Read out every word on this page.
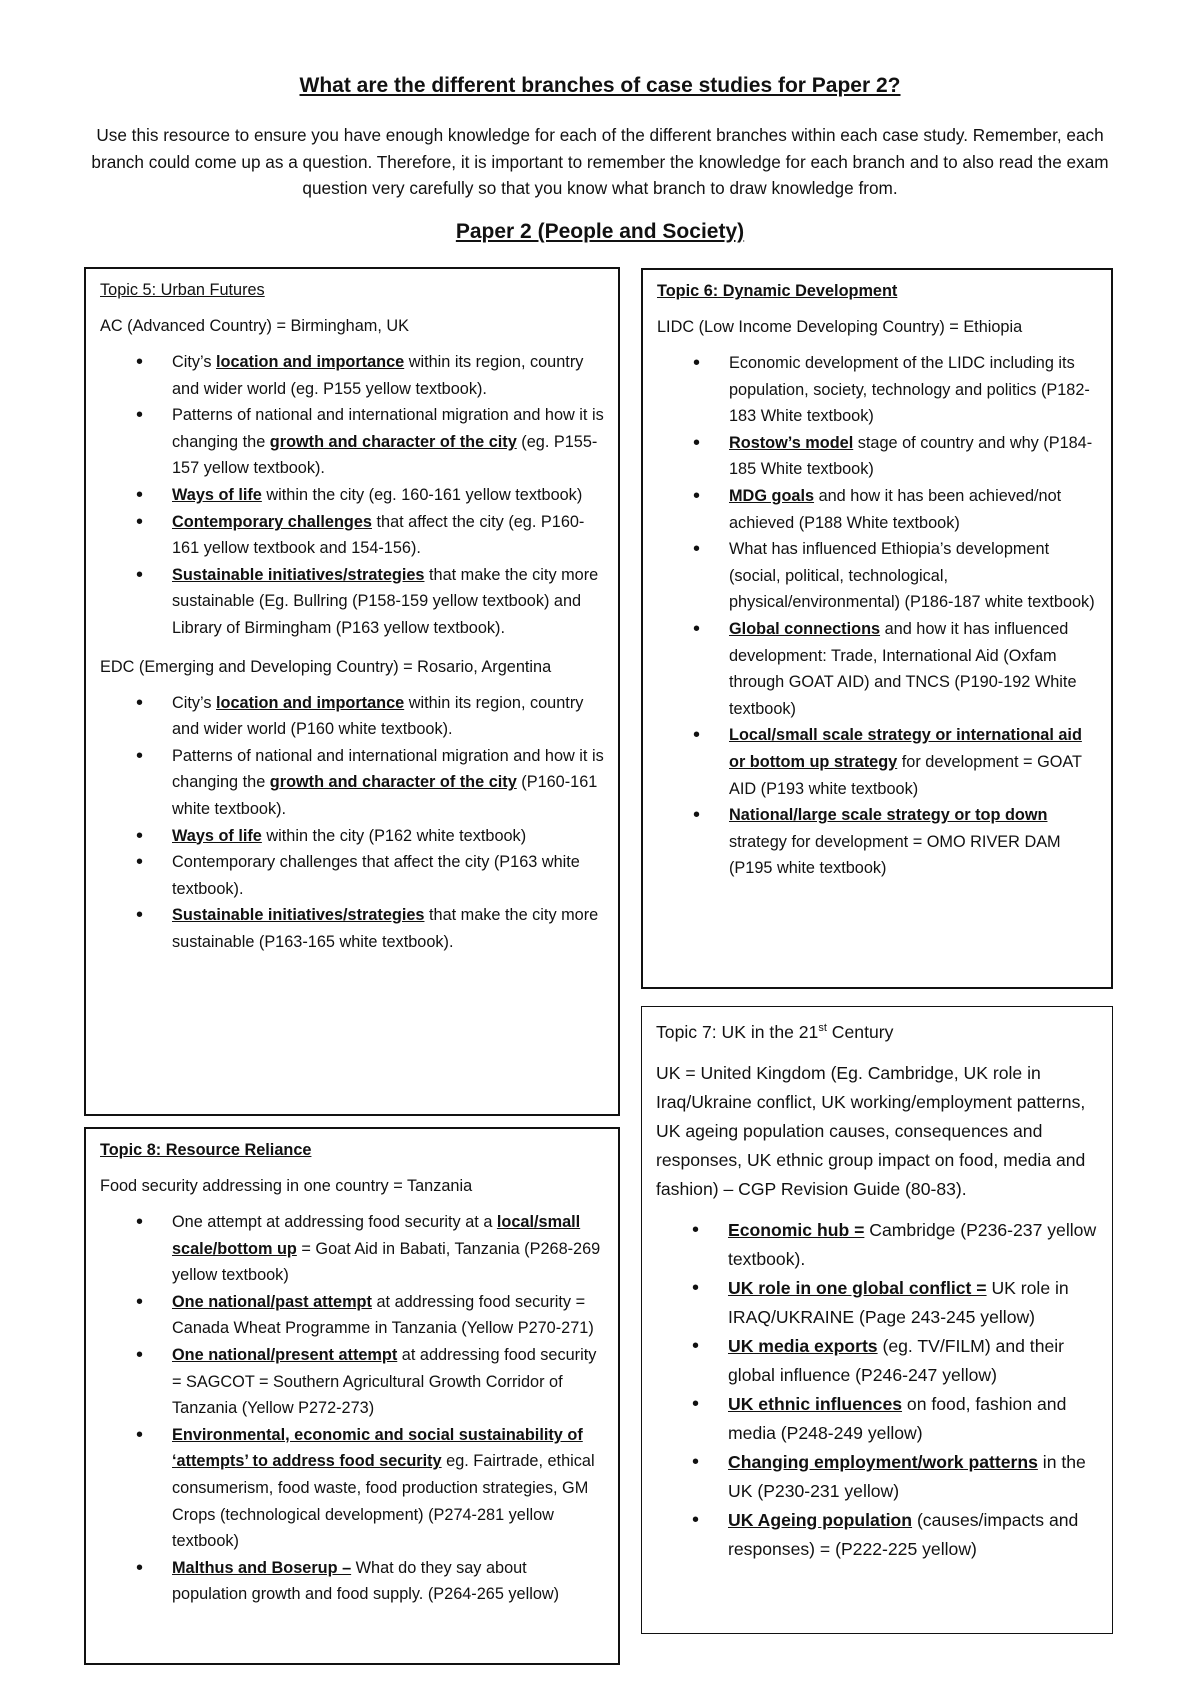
What are the different branches of case studies for Paper 2?

Use this resource to ensure you have enough knowledge for each of the different branches within each case study. Remember, each branch could come up as a question. Therefore, it is important to remember the knowledge for each branch and to also read the exam question very carefully so that you know what branch to draw knowledge from.

Paper 2 (People and Society)

Topic 5: Urban Futures

AC (Advanced Country) = Birmingham, UK

• City’s location and importance within its region, country and wider world (eg. P155 yellow textbook).
• Patterns of national and international migration and how it is changing the growth and character of the city (eg. P155-157 yellow textbook).
• Ways of life within the city (eg. 160-161 yellow textbook)
• Contemporary challenges that affect the city (eg. P160-161 yellow textbook and 154-156).
• Sustainable initiatives/strategies that make the city more sustainable (Eg. Bullring (P158-159 yellow textbook) and Library of Birmingham (P163 yellow textbook).

EDC (Emerging and Developing Country) = Rosario, Argentina

• City’s location and importance within its region, country and wider world (P160 white textbook).
• Patterns of national and international migration and how it is changing the growth and character of the city (P160-161 white textbook).
• Ways of life within the city (P162 white textbook)
• Contemporary challenges that affect the city (P163 white textbook).
• Sustainable initiatives/strategies that make the city more sustainable (P163-165 white textbook).

Topic 6: Dynamic Development

LIDC (Low Income Developing Country) = Ethiopia

• Economic development of the LIDC including its population, society, technology and politics (P182-183 White textbook)
• Rostow’s model stage of country and why (P184-185 White textbook)
• MDG goals and how it has been achieved/not achieved (P188 White textbook)
• What has influenced Ethiopia’s development (social, political, technological, physical/environmental) (P186-187 white textbook)
• Global connections and how it has influenced development: Trade, International Aid (Oxfam through GOAT AID) and TNCS (P190-192 White textbook)
• Local/small scale strategy or international aid or bottom up strategy for development = GOAT AID (P193 white textbook)
• National/large scale strategy or top down strategy for development = OMO RIVER DAM (P195 white textbook)

Topic 7: UK in the 21st Century

UK = United Kingdom (Eg. Cambridge, UK role in Iraq/Ukraine conflict, UK working/employment patterns, UK ageing population causes, consequences and responses, UK ethnic group impact on food, media and fashion) – CGP Revision Guide (80-83).

• Economic hub = Cambridge (P236-237 yellow textbook).
• UK role in one global conflict = UK role in IRAQ/UKRAINE (Page 243-245 yellow)
• UK media exports (eg. TV/FILM) and their global influence (P246-247 yellow)
• UK ethnic influences on food, fashion and media (P248-249 yellow)
• Changing employment/work patterns in the UK (P230-231 yellow)
• UK Ageing population (causes/impacts and responses) = (P222-225 yellow)

Topic 8: Resource Reliance

Food security addressing in one country = Tanzania

• One attempt at addressing food security at a local/small scale/bottom up = Goat Aid in Babati, Tanzania (P268-269 yellow textbook)
• One national/past attempt at addressing food security = Canada Wheat Programme in Tanzania (Yellow P270-271)
• One national/present attempt at addressing food security = SAGCOT = Southern Agricultural Growth Corridor of Tanzania (Yellow P272-273)
• Environmental, economic and social sustainability of ‘attempts’ to address food security eg. Fairtrade, ethical consumerism, food waste, food production strategies, GM Crops (technological development) (P274-281 yellow textbook)
• Malthus and Boserup – What do they say about population growth and food supply. (P264-265 yellow)
